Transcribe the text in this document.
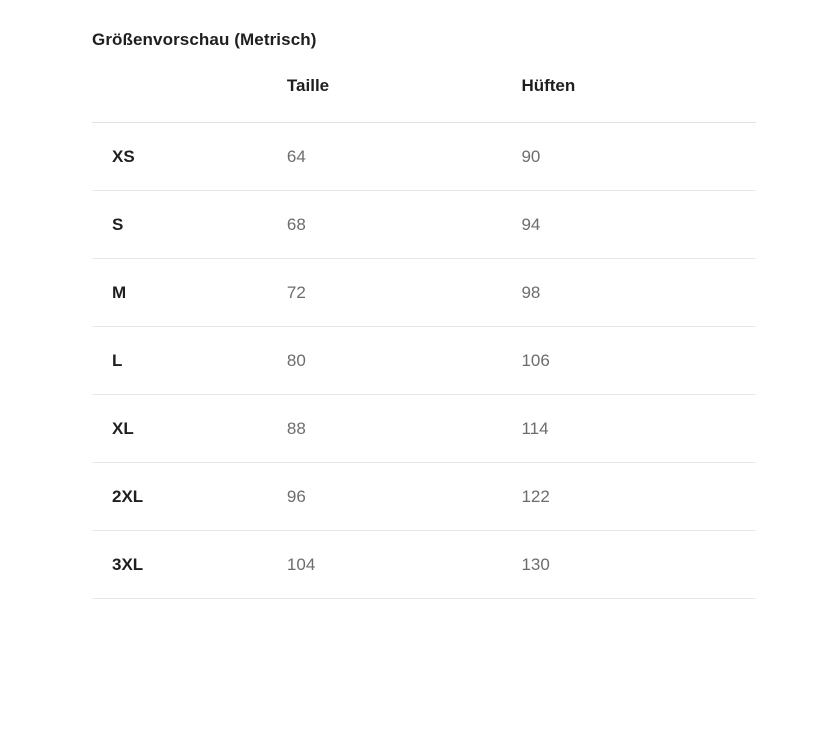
Größenvorschau (Metrisch)
	Taille	Hüften
XS	64	90
S	68	94
M	72	98
L	80	106
XL	88	114
2XL	96	122
3XL	104	130
